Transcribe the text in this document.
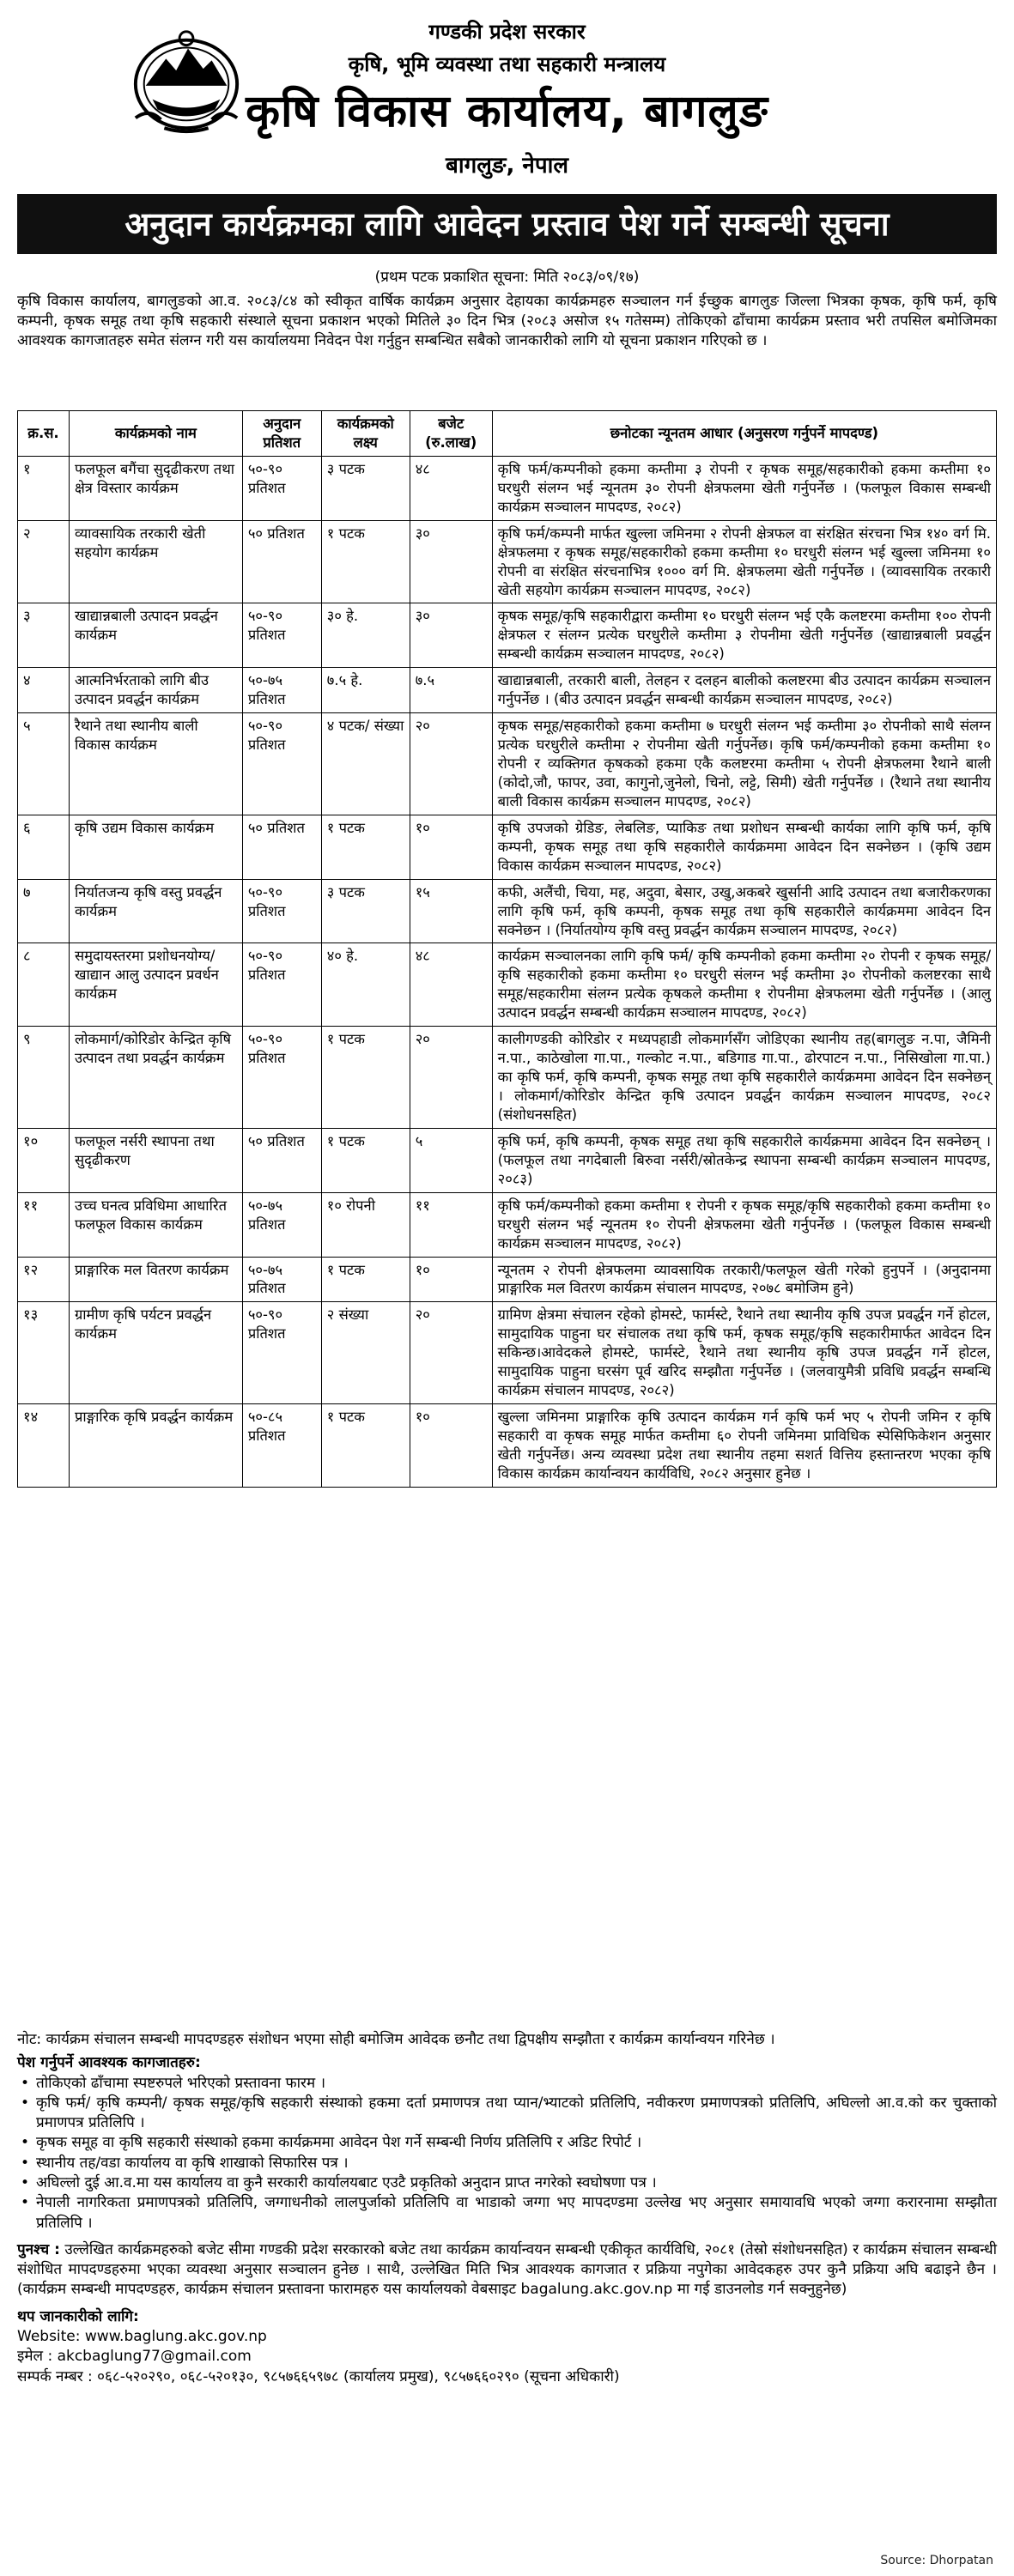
गण्डकी प्रदेश सरकार
कृषि, भूमि व्यवस्था तथा सहकारी मन्त्रालय
कृषि विकास कार्यालय, बागलुङ
बागलुङ, नेपाल
अनुदान कार्यक्रमका लागि आवेदन प्रस्ताव पेश गर्ने सम्बन्धी सूचना
(प्रथम पटक प्रकाशित सूचना: मिति २०८३/०९/१७)

कृषि विकास कार्यालय, बागलुङको आ.व. २०८३/८४ को स्वीकृत वार्षिक कार्यक्रम अनुसार देहायका कार्यक्रमहरु सञ्चालन गर्न ईच्छुक बागलुङ जिल्ला भित्रका कृषक, कृषि फर्म, कृषि कम्पनी, कृषक समूह तथा कृषि सहकारी संस्थाले सूचना प्रकाशन भएको मितिले ३० दिन भित्र (२०८३ असोज १५ गतेसम्म) तोकिएको ढाँचामा कार्यक्रम प्रस्ताव भरी तपसिल बमोजिमका आवश्यक कागजातहरु समेत संलग्न गरी यस कार्यालयमा निवेदन पेश गर्नुहुन सम्बन्धित सबैको जानकारीको लागि यो सूचना प्रकाशन गरिएको छ ।

क्र.स.	कार्यक्रमको नाम	अनुदान प्रतिशत	कार्यक्रमको लक्ष्य	बजेट (रु.लाख)	छनोटका न्यूनतम आधार (अनुसरण गर्नुपर्ने मापदण्ड)
१	फलफूल बगैंचा सुदृढीकरण तथा क्षेत्र विस्तार कार्यक्रम	५०-९० प्रतिशत	३ पटक	४८	कृषि फर्म/कम्पनीको हकमा कम्तीमा ३ रोपनी र कृषक समूह/सहकारीको हकमा कम्तीमा १० घरधुरी संलग्न भई न्यूनतम ३० रोपनी क्षेत्रफलमा खेती गर्नुपर्नेछ । (फलफूल विकास सम्बन्धी कार्यक्रम सञ्चालन मापदण्ड, २०८२)
२	व्यावसायिक तरकारी खेती सहयोग कार्यक्रम	५० प्रतिशत	१ पटक	३०	कृषि फर्म/कम्पनी मार्फत खुल्ला जमिनमा २ रोपनी क्षेत्रफल वा संरक्षित संरचना भित्र १४० वर्ग मि. क्षेत्रफलमा र कृषक समूह/सहकारीको हकमा कम्तीमा १० घरधुरी संलग्न भई खुल्ला जमिनमा १० रोपनी वा संरक्षित संरचनाभित्र १००० वर्ग मि. क्षेत्रफलमा खेती गर्नुपर्नेछ । (व्यावसायिक तरकारी खेती सहयोग कार्यक्रम सञ्चालन मापदण्ड, २०८२)
३	खाद्यान्नबाली उत्पादन प्रवर्द्धन कार्यक्रम	५०-९० प्रतिशत	३० हे.	३०	कृषक समूह/कृषि सहकारीद्वारा कम्तीमा १० घरधुरी संलग्न भई एकै कलष्टरमा कम्तीमा १०० रोपनी क्षेत्रफल र संलग्न प्रत्येक घरधुरीले कम्तीमा ३ रोपनीमा खेती गर्नुपर्नेछ (खाद्यान्नबाली प्रवर्द्धन सम्बन्धी कार्यक्रम सञ्चालन मापदण्ड, २०८२)
४	आत्मनिर्भरताको लागि बीउ उत्पादन प्रवर्द्धन कार्यक्रम	५०-७५ प्रतिशत	७.५ हे.	७.५	खाद्यान्नबाली, तरकारी बाली, तेलहन र दलहन बालीको कलष्टरमा बीउ उत्पादन कार्यक्रम सञ्चालन गर्नुपर्नेछ । (बीउ उत्पादन प्रवर्द्धन सम्बन्धी कार्यक्रम सञ्चालन मापदण्ड, २०८२)
५	रैथाने तथा स्थानीय बाली विकास कार्यक्रम	५०-९० प्रतिशत	४ पटक/ संख्या	२०	कृषक समूह/सहकारीको हकमा कम्तीमा ७ घरधुरी संलग्न भई कम्तीमा ३० रोपनीको साथै संलग्न प्रत्येक घरधुरीले कम्तीमा २ रोपनीमा खेती गर्नुपर्नेछ। कृषि फर्म/कम्पनीको हकमा कम्तीमा १० रोपनी र व्यक्तिगत कृषकको हकमा एकै कलष्टरमा कम्तीमा ५ रोपनी क्षेत्रफलमा रैथाने बाली (कोदो,जौ, फापर, उवा, कागुनो,जुनेलो, चिनो, लट्टे, सिमी) खेती गर्नुपर्नेछ । (रैथाने तथा स्थानीय बाली विकास कार्यक्रम सञ्चालन मापदण्ड, २०८२)
६	कृषि उद्यम विकास कार्यक्रम	५० प्रतिशत	१ पटक	१०	कृषि उपजको ग्रेडिङ, लेबलिङ, प्याकिङ तथा प्रशोधन सम्बन्धी कार्यका लागि कृषि फर्म, कृषि कम्पनी, कृषक समूह तथा कृषि सहकारीले कार्यक्रममा आवेदन दिन सक्नेछन । (कृषि उद्यम विकास कार्यक्रम सञ्चालन मापदण्ड, २०८२)
७	निर्यातजन्य कृषि वस्तु प्रवर्द्धन कार्यक्रम	५०-९० प्रतिशत	३ पटक	१५	कफी, अलैंची, चिया, मह, अदुवा, बेसार, उखु,अकबरे खुर्सानी आदि उत्पादन तथा बजारीकरणका लागि कृषि फर्म, कृषि कम्पनी, कृषक समूह तथा कृषि सहकारीले कार्यक्रममा आवेदन दिन सक्नेछन । (निर्यातयोग्य कृषि वस्तु प्रवर्द्धन कार्यक्रम सञ्चालन मापदण्ड, २०८२)
८	समुदायस्तरमा प्रशोधनयोग्य/ खाद्यान आलु उत्पादन प्रवर्धन कार्यक्रम	५०-९० प्रतिशत	४० हे.	४८	कार्यक्रम सञ्चालनका लागि कृषि फर्म/ कृषि कम्पनीको हकमा कम्तीमा २० रोपनी र कृषक समूह/ कृषि सहकारीको हकमा कम्तीमा १० घरधुरी संलग्न भई कम्तीमा ३० रोपनीको कलष्टरका साथै समूह/सहकारीमा संलग्न प्रत्येक कृषकले कम्तीमा १ रोपनीमा क्षेत्रफलमा खेती गर्नुपर्नेछ । (आलु उत्पादन प्रवर्द्धन सम्बन्धी कार्यक्रम सञ्चालन मापदण्ड, २०८२)
९	लोकमार्ग/कोरिडोर केन्द्रित कृषि उत्पादन तथा प्रवर्द्धन कार्यक्रम	५०-९० प्रतिशत	१ पटक	२०	कालीगण्डकी कोरिडोर र मध्यपहाडी लोकमार्गसँग जोडिएका स्थानीय तह(बागलुङ न.पा, जैमिनी न.पा., काठेखोला गा.पा., गल्कोट न.पा., बडिगाड गा.पा., ढोरपाटन न.पा., निसिखोला गा.पा.) का कृषि फर्म, कृषि कम्पनी, कृषक समूह तथा कृषि सहकारीले कार्यक्रममा आवेदन दिन सक्नेछन् । लोकमार्ग/कोरिडोर केन्द्रित कृषि उत्पादन प्रवर्द्धन कार्यक्रम सञ्चालन मापदण्ड, २०८२ (संशोधनसहित)
१०	फलफूल नर्सरी स्थापना तथा सुदृढीकरण	५० प्रतिशत	१ पटक	५	कृषि फर्म, कृषि कम्पनी, कृषक समूह तथा कृषि सहकारीले कार्यक्रममा आवेदन दिन सक्नेछन् । (फलफूल तथा नगदेबाली बिरुवा नर्सरी/स्रोतकेन्द्र स्थापना सम्बन्धी कार्यक्रम सञ्चालन मापदण्ड, २०८३)
११	उच्च घनत्व प्रविधिमा आधारित फलफूल विकास कार्यक्रम	५०-७५ प्रतिशत	१० रोपनी	११	कृषि फर्म/कम्पनीको हकमा कम्तीमा १ रोपनी र कृषक समूह/कृषि सहकारीको हकमा कम्तीमा १० घरधुरी संलग्न भई न्यूनतम १० रोपनी क्षेत्रफलमा खेती गर्नुपर्नेछ । (फलफूल विकास सम्बन्धी कार्यक्रम सञ्चालन मापदण्ड, २०८२)
१२	प्राङ्गारिक मल वितरण कार्यक्रम	५०-७५ प्रतिशत	१ पटक	१०	न्यूनतम २ रोपनी क्षेत्रफलमा व्यावसायिक तरकारी/फलफूल खेती गरेको हुनुपर्ने । (अनुदानमा प्राङ्गारिक मल वितरण कार्यक्रम संचालन मापदण्ड, २०७८ बमोजिम हुने)
१३	ग्रामीण कृषि पर्यटन प्रवर्द्धन कार्यक्रम	५०-९० प्रतिशत	२ संख्या	२०	ग्रामिण क्षेत्रमा संचालन रहेको होमस्टे, फार्मस्टे, रैथाने तथा स्थानीय कृषि उपज प्रवर्द्धन गर्ने होटल, सामुदायिक पाहुना घर संचालक तथा कृषि फर्म, कृषक समूह/कृषि सहकारीमार्फत आवेदन दिन सकिन्छ।आवेदकले होमस्टे, फार्मस्टे, रैथाने तथा स्थानीय कृषि उपज प्रवर्द्धन गर्ने होटल, सामुदायिक पाहुना घरसंग पूर्व खरिद सम्झौता गर्नुपर्नेछ । (जलवायुमैत्री प्रविधि प्रवर्द्धन सम्बन्धि कार्यक्रम संचालन मापदण्ड, २०८२)
१४	प्राङ्गारिक कृषि प्रवर्द्धन कार्यक्रम	५०-८५ प्रतिशत	१ पटक	१०	खुल्ला जमिनमा प्राङ्गारिक कृषि उत्पादन कार्यक्रम गर्न कृषि फर्म भए ५ रोपनी जमिन र कृषि सहकारी वा कृषक समूह मार्फत कम्तीमा ६० रोपनी जमिनमा प्राविधिक स्पेसिफिकेशन अनुसार खेती गर्नुपर्नेछ। अन्य व्यवस्था प्रदेश तथा स्थानीय तहमा सशर्त वित्तिय हस्तान्तरण भएका कृषि विकास कार्यक्रम कार्यान्वयन कार्यविधि, २०८२ अनुसार हुनेछ ।

नोट: कार्यक्रम संचालन सम्बन्धी मापदण्डहरु संशोधन भएमा सोही बमोजिम आवेदक छनौट तथा द्विपक्षीय सम्झौता र कार्यक्रम कार्यान्वयन गरिनेछ ।

पेश गर्नुपर्ने आवश्यक कागजातहरु:
• तोकिएको ढाँचामा स्पष्टरुपले भरिएको प्रस्तावना फारम ।
• कृषि फर्म/ कृषि कम्पनी/ कृषक समूह/कृषि सहकारी संस्थाको हकमा दर्ता प्रमाणपत्र तथा प्यान/भ्याटको प्रतिलिपि, नवीकरण प्रमाणपत्रको प्रतिलिपि, अघिल्लो आ.व.को कर चुक्ताको प्रमाणपत्र प्रतिलिपि ।
• कृषक समूह वा कृषि सहकारी संस्थाको हकमा कार्यक्रममा आवेदन पेश गर्ने सम्बन्धी निर्णय प्रतिलिपि र अडिट रिपोर्ट ।
• स्थानीय तह/वडा कार्यालय वा कृषि शाखाको सिफारिस पत्र ।
• अघिल्लो दुई आ.व.मा यस कार्यालय वा कुनै सरकारी कार्यालयबाट एउटै प्रकृतिको अनुदान प्राप्त नगरेको स्वघोषणा पत्र ।
• नेपाली नागरिकता प्रमाणपत्रको प्रतिलिपि, जग्गाधनीको लालपुर्जाको प्रतिलिपि वा भाडाको जग्गा भए मापदण्डमा उल्लेख भए अनुसार समायावधि भएको जग्गा करारनामा सम्झौता प्रतिलिपि ।

पुनश्च : उल्लेखित कार्यक्रमहरुको बजेट सीमा गण्डकी प्रदेश सरकारको बजेट तथा कार्यक्रम कार्यान्वयन सम्बन्धी एकीकृत कार्यविधि, २०८१ (तेस्रो संशोधनसहित) र कार्यक्रम संचालन सम्बन्धी संशोधित मापदण्डहरुमा भएका व्यवस्था अनुसार सञ्चालन हुनेछ । साथै, उल्लेखित मिति भित्र आवश्यक कागजात र प्रक्रिया नपुगेका आवेदकहरु उपर कुनै प्रक्रिया अघि बढाइने छैन । (कार्यक्रम सम्बन्धी मापदण्डहरु, कार्यक्रम संचालन प्रस्तावना फारामहरु यस कार्यालयको वेबसाइट bagalung.akc.gov.np मा गई डाउनलोड गर्न सक्नुहुनेछ)

थप जानकारीको लागि:
Website: www.baglung.akc.gov.np
इमेल : akcbaglung77@gmail.com
सम्पर्क नम्बर : ०६८-५२०२९०, ०६८-५२०१३०, ९८५७६६५९७८ (कार्यालय प्रमुख), ९८५७६६०२९० (सूचना अधिकारी)
Source: Dhorpatan
